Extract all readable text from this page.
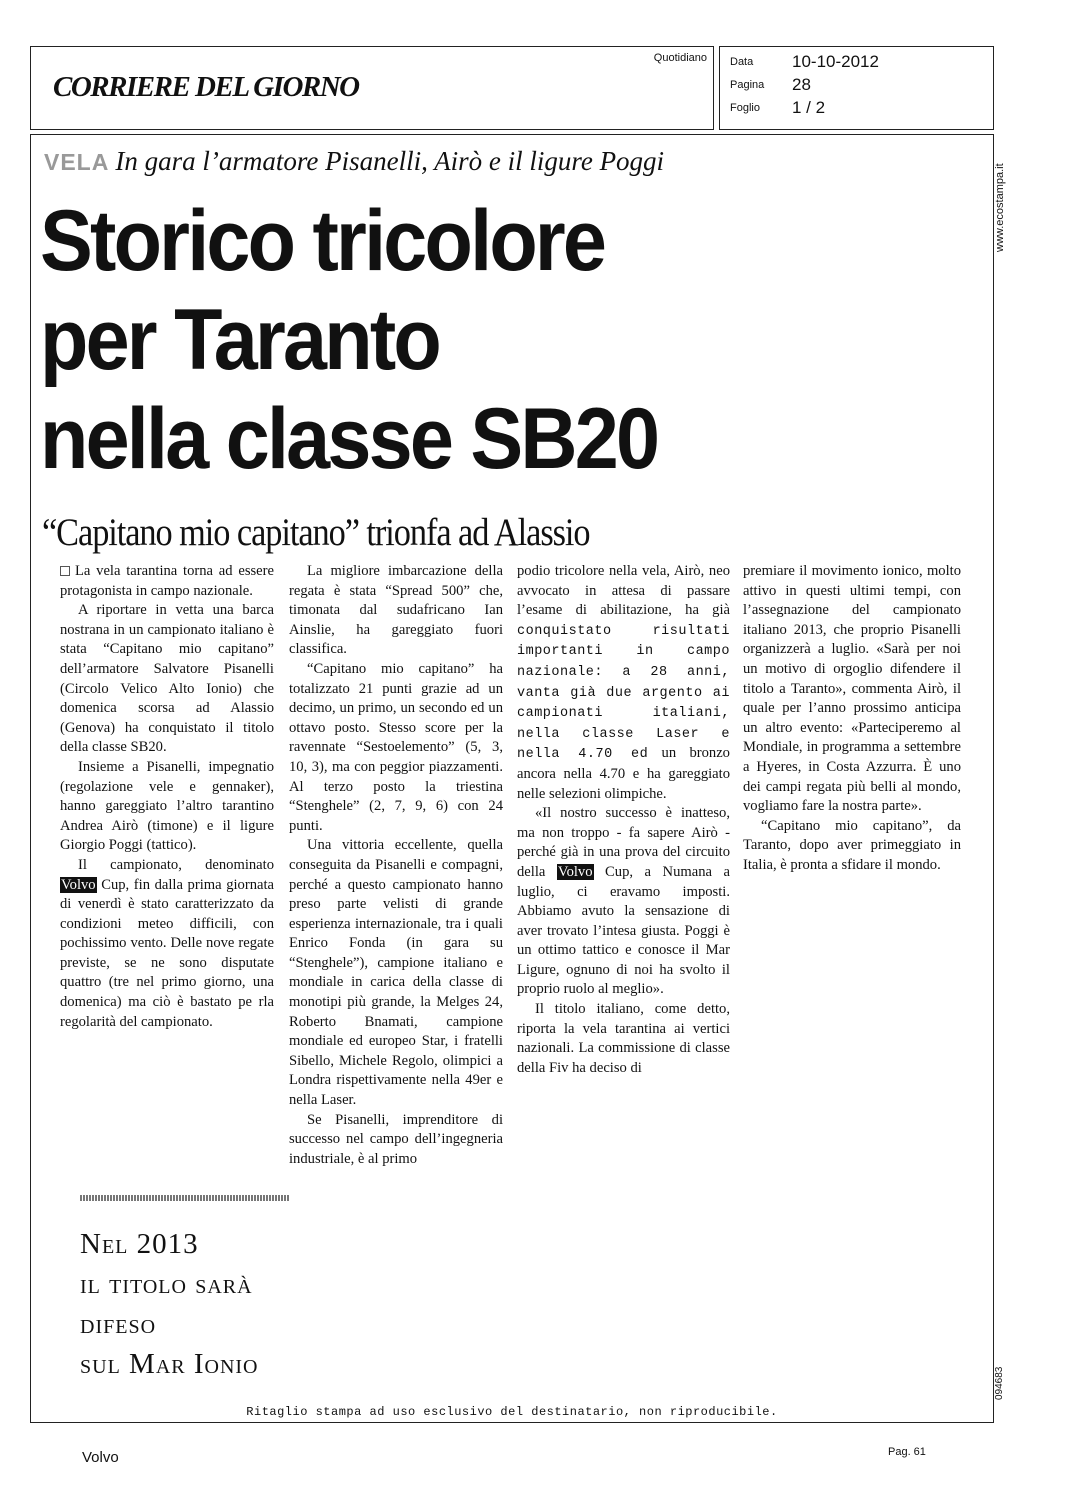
CORRIERE DEL GIORNO
Quotidiano Data 10-10-2012
Pagina 28
Foglio 1 / 2
www.ecostampa.it
094683
VELA In gara l’armatore Pisanelli, Airò e il ligure Poggi
Storico tricolore
per Taranto
nella classe SB20
“Capitano mio capitano” trionfa ad Alassio

La vela tarantina torna ad essere protagonista in campo nazionale.

A riportare in vetta una barca nostrana in un campionato italiano è stata “Capitano mio capitano” dell’armatore Salvatore Pisanelli (Circolo Velico Alto Ionio) che domenica scorsa ad Alassio (Genova) ha conquistato il titolo della classe SB20.

Insieme a Pisanelli, impegnatio (regolazione vele e gennaker), hanno gareggiato l’altro tarantino Andrea Airò (timone) e il ligure Giorgio Poggi (tattico).

Il campionato, denominato Volvo Cup, fin dalla prima giornata di venerdì è stato caratterizzato da condizioni meteo difficili, con pochissimo vento. Delle nove regate previste, se ne sono disputate quattro (tre nel primo giorno, una domenica) ma ciò è bastato pe rla regolarità del campionato.

La migliore imbarcazione della regata è stata “Spread 500” che, timonata dal sudafricano Ian Ainslie, ha gareggiato fuori classifica.

“Capitano mio capitano” ha totalizzato 21 punti grazie ad un decimo, un primo, un secondo ed un ottavo posto. Stesso score per la ravennate “Sestoelemento” (5, 3, 10, 3), ma con peggior piazzamenti. Al terzo posto la triestina “Stenghele” (2, 7, 9, 6) con 24 punti.

Una vittoria eccellente, quella conseguita da Pisanelli e compagni, perché a questo campionato hanno preso parte velisti di grande esperienza internazionale, tra i quali Enrico Fonda (in gara su “Stenghele”), campione italiano e mondiale in carica della classe di monotipi più grande, la Melges 24, Roberto Bnamati, campione mondiale ed europeo Star, i fratelli Sibello, Michele Regolo, olimpici a Londra rispettivamente nella 49er e nella Laser.

Se Pisanelli, imprenditore di successo nel campo dell’ingegneria industriale, è al primo

podio tricolore nella vela, Airò, neo avvocato in attesa di passare l’esame di abilitazione, ha già conquistato risultati importanti in campo nazionale: a 28 anni, vanta già due argento ai campionati italiani, nella classe Laser e nella 4.70 ed un bronzo ancora nella 4.70 e ha gareggiato nelle selezioni olimpiche.

«Il nostro successo è inatteso, ma non troppo - fa sapere Airò - perché già in una prova del circuito della Volvo Cup, a Numana a luglio, ci eravamo imposti. Abbiamo avuto la sensazione di aver trovato l’intesa giusta. Poggi è un ottimo tattico e conosce il Mar Ligure, ognuno di noi ha svolto il proprio ruolo al meglio».

Il titolo italiano, come detto, riporta la vela tarantina ai vertici nazionali. La commissione di classe della Fiv ha deciso di

premiare il movimento ionico, molto attivo in questi ultimi tempi, con l’assegnazione del campionato italiano 2013, che proprio Pisanelli organizzerà a luglio. «Sarà per noi un motivo di orgoglio difendere il titolo a Taranto», commenta Airò, il quale per l’anno prossimo anticipa un altro evento: «Parteciperemo al Mondiale, in programma a settembre a Hyeres, in Costa Azzurra. È uno dei campi regata più belli al mondo, vogliamo fare la nostra parte».

“Capitano mio capitano”, da Taranto, dopo aver primeggiato in Italia, è pronta a sfidare il mondo.

Nel 2013
il titolo sarà
difeso
sul Mar Ionio
Ritaglio stampa ad uso esclusivo del destinatario, non riproducibile.
Volvo	Pag. 61
